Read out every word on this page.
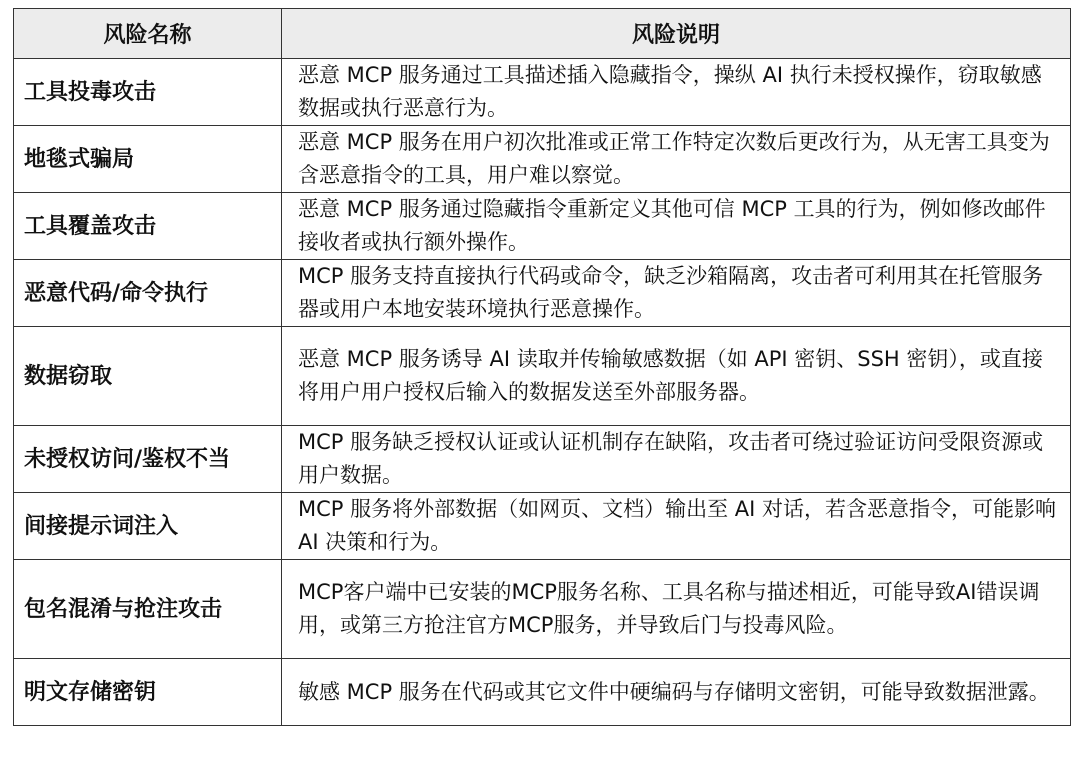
风险名称	风险说明
工具投毒攻击	恶意 MCP 服务通过工具描述插入隐藏指令，操纵 AI 执行未授权操作，窃取敏感数据或执行恶意行为。
地毯式骗局	恶意 MCP 服务在用户初次批准或正常工作特定次数后更改行为，从无害工具变为含恶意指令的工具，用户难以察觉。
工具覆盖攻击	恶意 MCP 服务通过隐藏指令重新定义其他可信 MCP 工具的行为，例如修改邮件接收者或执行额外操作。
恶意代码/命令执行	MCP 服务支持直接执行代码或命令，缺乏沙箱隔离，攻击者可利用其在托管服务器或用户本地安装环境执行恶意操作。
数据窃取	恶意 MCP 服务诱导 AI 读取并传输敏感数据（如 API 密钥、SSH 密钥），或直接将用户用户授权后输入的数据发送至外部服务器。
未授权访问/鉴权不当	MCP 服务缺乏授权认证或认证机制存在缺陷，攻击者可绕过验证访问受限资源或用户数据。
间接提示词注入	MCP 服务将外部数据（如网页、文档）输出至 AI 对话，若含恶意指令，可能影响 AI 决策和行为。
包名混淆与抢注攻击	MCP客户端中已安装的MCP服务名称、工具名称与描述相近，可能导致AI错误调用，或第三方抢注官方MCP服务，并导致后门与投毒风险。
明文存储密钥	敏感 MCP 服务在代码或其它文件中硬编码与存储明文密钥，可能导致数据泄露。
